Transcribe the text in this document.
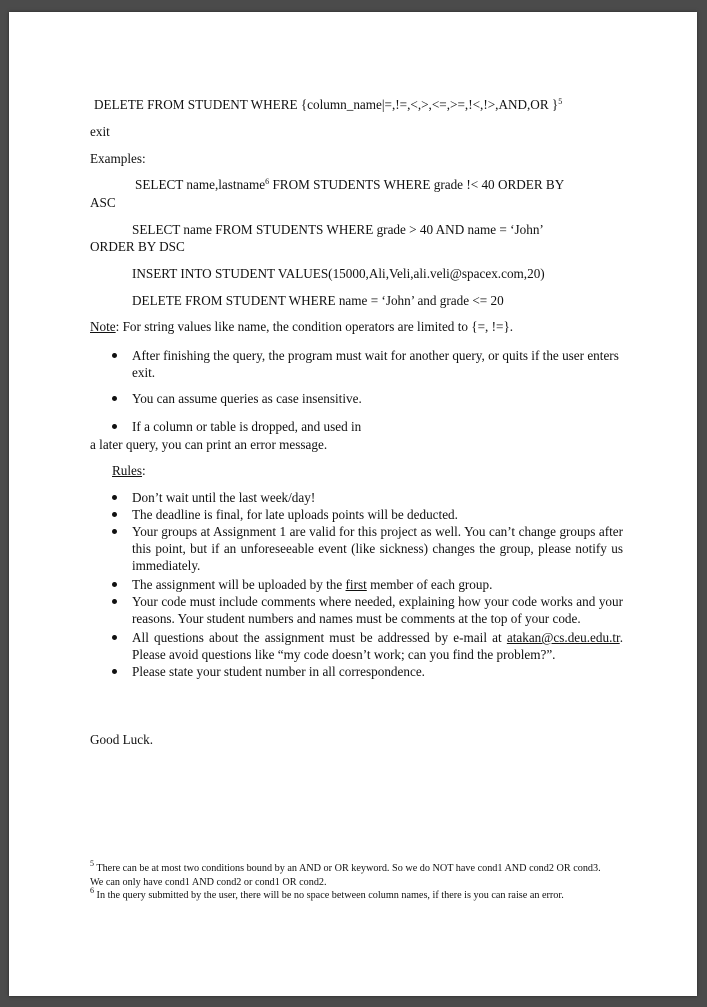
DELETE FROM STUDENT WHERE {column_name|=,!=,<,>,<=,>=,!<,!>,AND,OR }$^5$

exit

Examples:

SELECT name,lastname$^6$ FROM STUDENTS WHERE grade !< 40 ORDER BY

ASC

SELECT name FROM STUDENTS WHERE grade > 40 AND name = ‘John’

ORDER BY DSC

INSERT INTO STUDENT VALUES(15000,Ali,Veli,ali.veli@spacex.com,20)

DELETE FROM STUDENT WHERE name = ‘John’ and grade <= 20

Note: For string values like name, the condition operators are limited to {=, !=}.

After finishing the query, the program must wait for another query, or quits if the user enters exit.
You can assume queries as case insensitive.
If a column or table is dropped, and used in

a later query, you can print an error message.

Rules:

Don’t wait until the last week/day!
The deadline is final, for late uploads points will be deducted.
Your groups at Assignment 1 are valid for this project as well. You can’t change groups after this point, but if an unforeseeable event (like sickness) changes the group, please notify us immediately.
The assignment will be uploaded by the first member of each group.
Your code must include comments where needed, explaining how your code works and your reasons. Your student numbers and names must be comments at the top of your code.
All questions about the assignment must be addressed by e-mail at atakan@cs.deu.edu.tr. Please avoid questions like “my code doesn’t work; can you find the problem?”.
Please state your student number in all correspondence.

Good Luck.

$^5$ There can be at most two conditions bound by an AND or OR keyword. So we do NOT have cond1 AND cond2 OR cond3. We can only have cond1 AND cond2 or cond1 OR cond2.

$^6$ In the query submitted by the user, there will be no space between column names, if there is you can raise an error.
